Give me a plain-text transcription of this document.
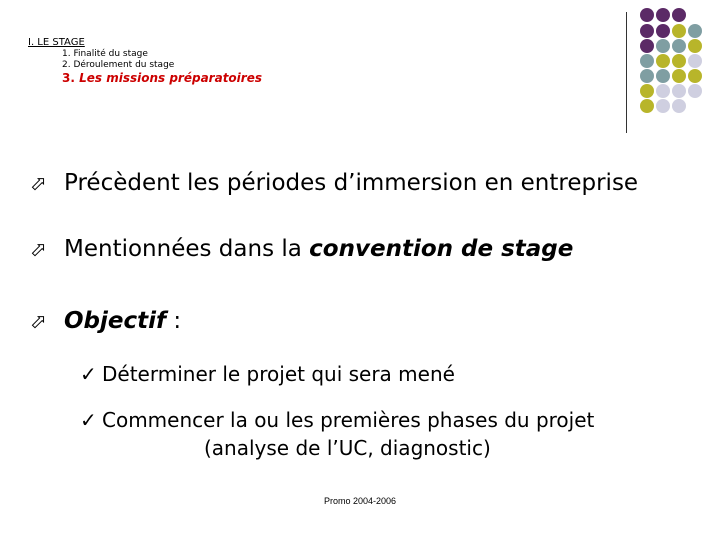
I. LE STAGE
1. Finalité du stage
2. Déroulement du stage
3. Les missions préparatoires
⬀ Précèdent les périodes d’immersion en entreprise
⬀ Mentionnées dans la convention de stage
⬀ Objectif :
✓ Déterminer le projet qui sera mené
✓ Commencer la ou les premières phases du projet
(analyse de l’UC, diagnostic)
Promo 2004-2006
